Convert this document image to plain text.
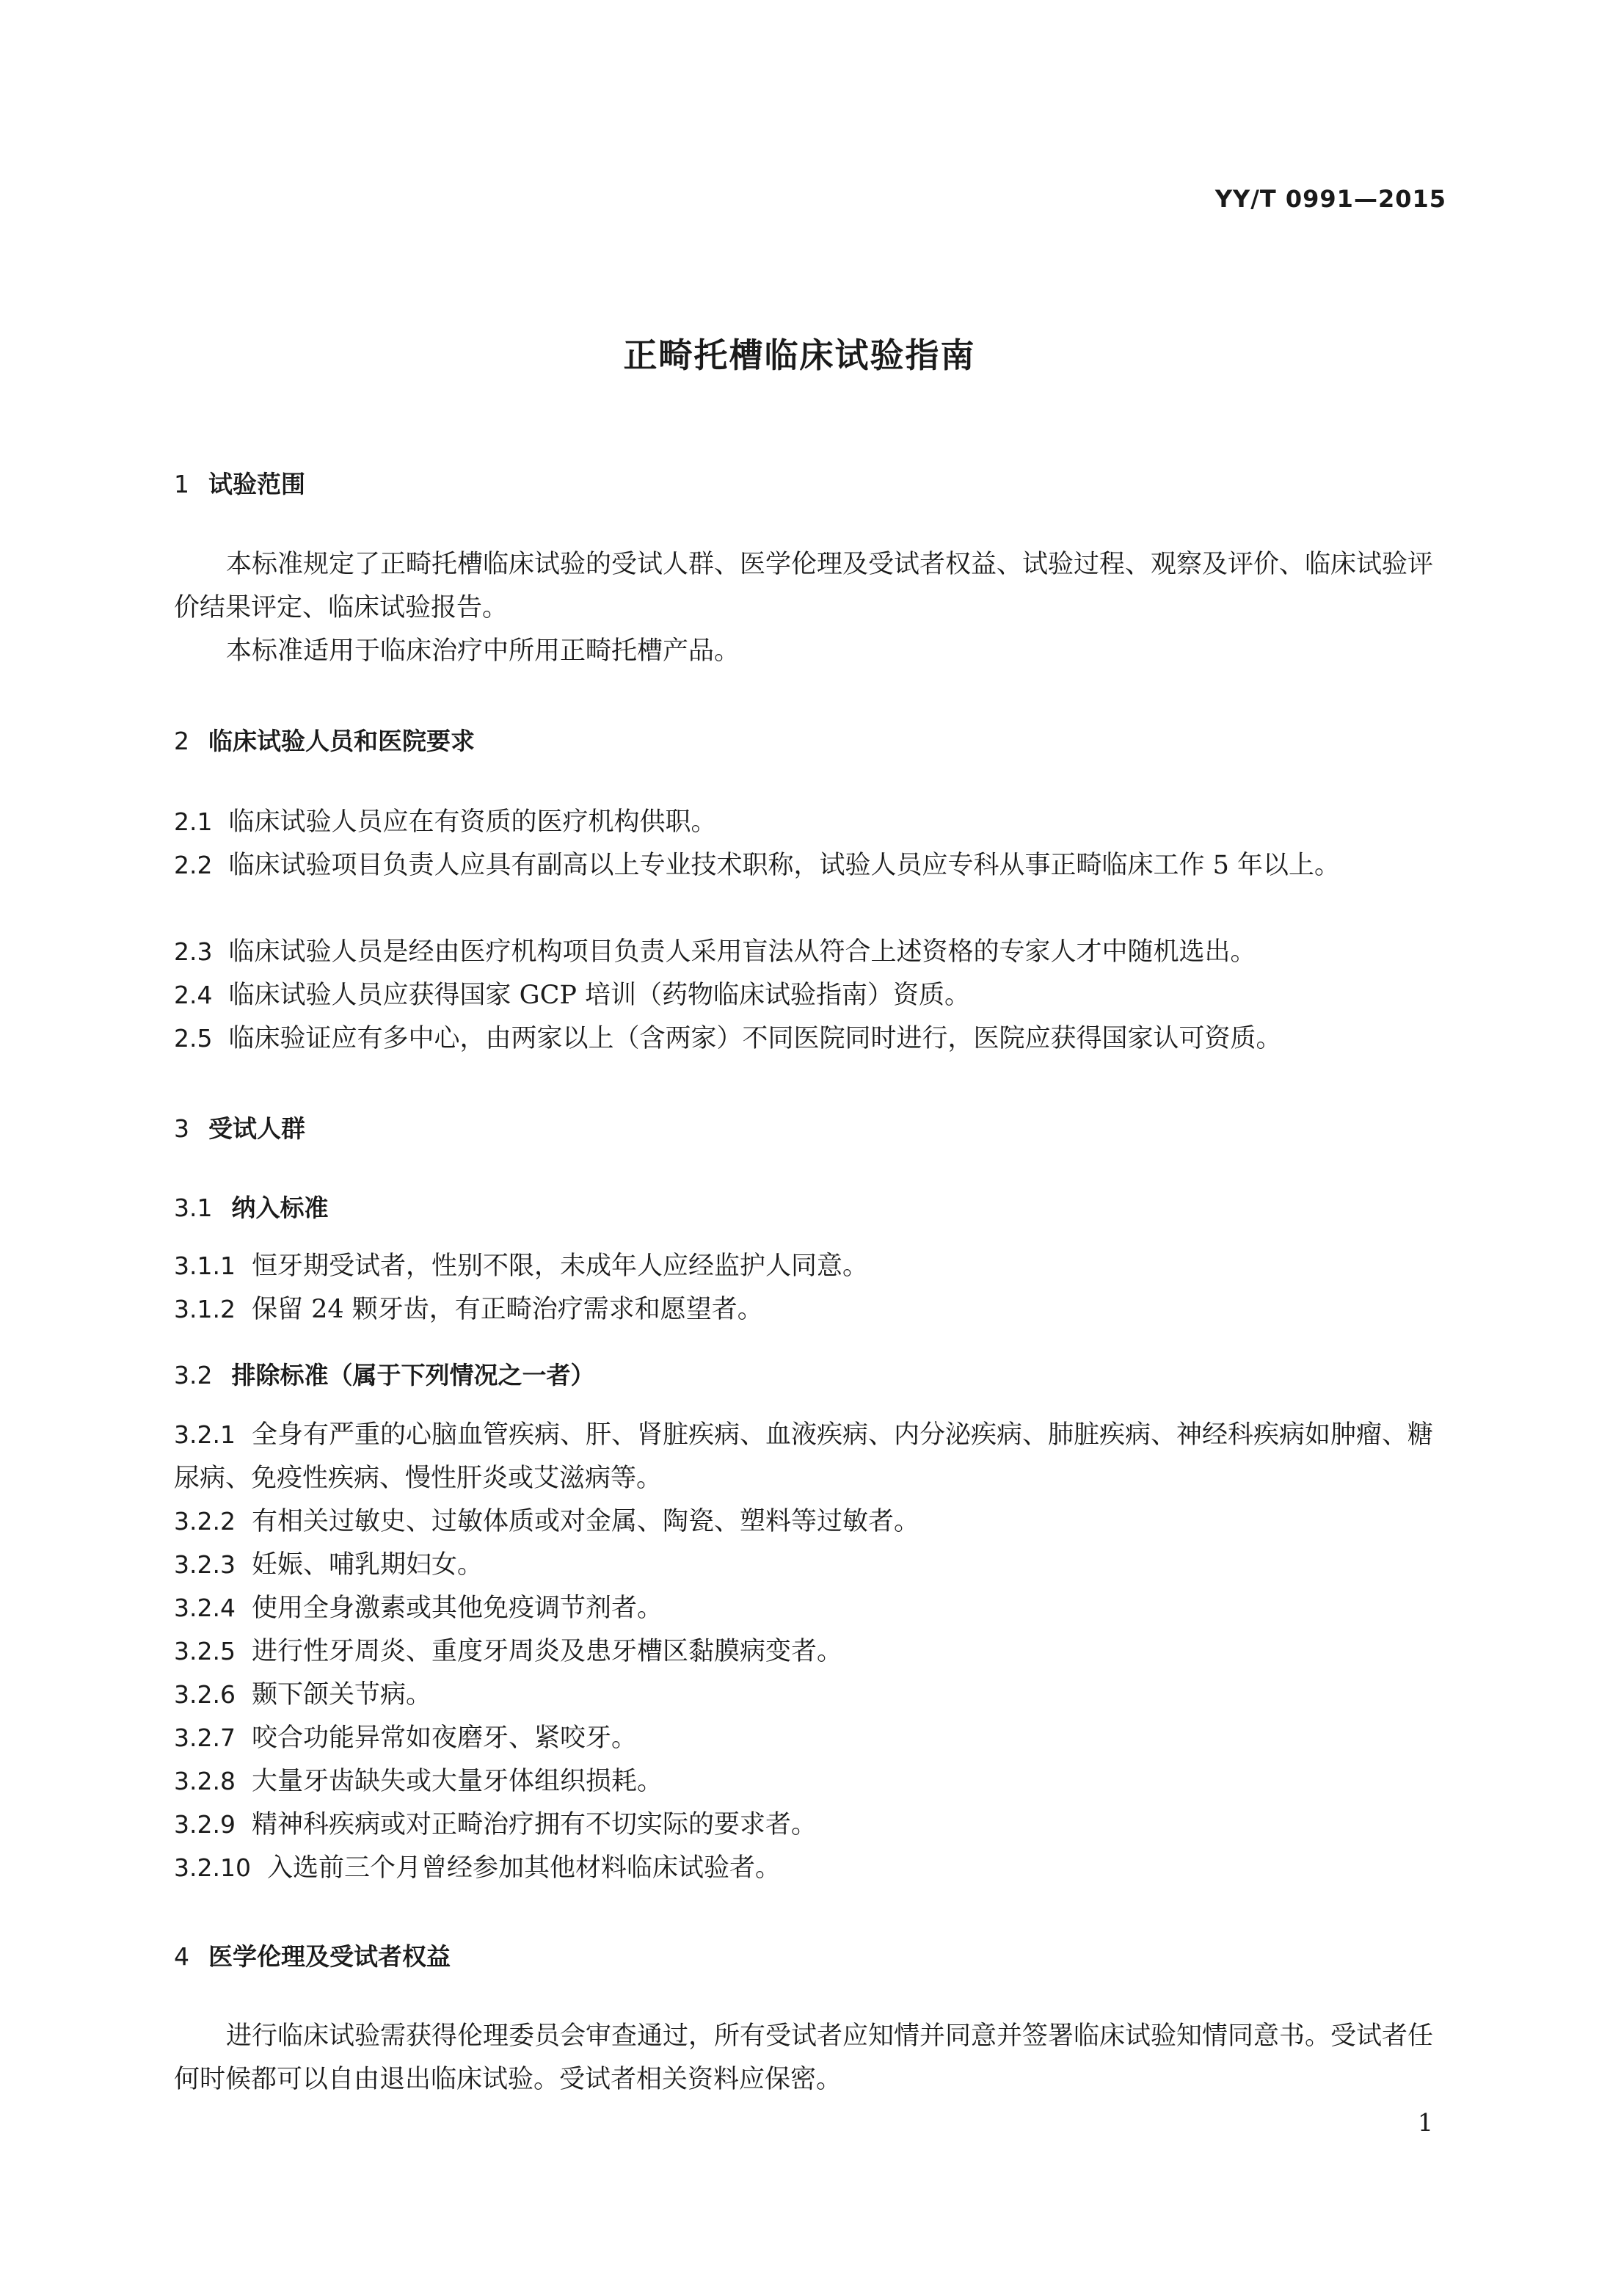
YY/T 0991—2015
正畸托槽临床试验指南
1 试验范围
本标准规定了正畸托槽临床试验的受试人群、医学伦理及受试者权益、试验过程、观察及评价、临床试验评价结果评定、临床试验报告。
本标准适用于临床治疗中所用正畸托槽产品。
2 临床试验人员和医院要求
2.1 临床试验人员应在有资质的医疗机构供职。
2.2 临床试验项目负责人应具有副高以上专业技术职称，试验人员应专科从事正畸临床工作 5 年以上。
2.3 临床试验人员是经由医疗机构项目负责人采用盲法从符合上述资格的专家人才中随机选出。
2.4 临床试验人员应获得国家 GCP 培训（药物临床试验指南）资质。
2.5 临床验证应有多中心，由两家以上（含两家）不同医院同时进行，医院应获得国家认可资质。
3 受试人群
3.1 纳入标准
3.1.1 恒牙期受试者，性别不限，未成年人应经监护人同意。
3.1.2 保留 24 颗牙齿，有正畸治疗需求和愿望者。
3.2 排除标准（属于下列情况之一者）
3.2.1 全身有严重的心脑血管疾病、肝、肾脏疾病、血液疾病、内分泌疾病、肺脏疾病、神经科疾病如肿瘤、糖尿病、免疫性疾病、慢性肝炎或艾滋病等。
3.2.2 有相关过敏史、过敏体质或对金属、陶瓷、塑料等过敏者。
3.2.3 妊娠、哺乳期妇女。
3.2.4 使用全身激素或其他免疫调节剂者。
3.2.5 进行性牙周炎、重度牙周炎及患牙槽区黏膜病变者。
3.2.6 颞下颌关节病。
3.2.7 咬合功能异常如夜磨牙、紧咬牙。
3.2.8 大量牙齿缺失或大量牙体组织损耗。
3.2.9 精神科疾病或对正畸治疗拥有不切实际的要求者。
3.2.10 入选前三个月曾经参加其他材料临床试验者。
4 医学伦理及受试者权益
进行临床试验需获得伦理委员会审查通过，所有受试者应知情并同意并签署临床试验知情同意书。受试者任何时候都可以自由退出临床试验。受试者相关资料应保密。
1
